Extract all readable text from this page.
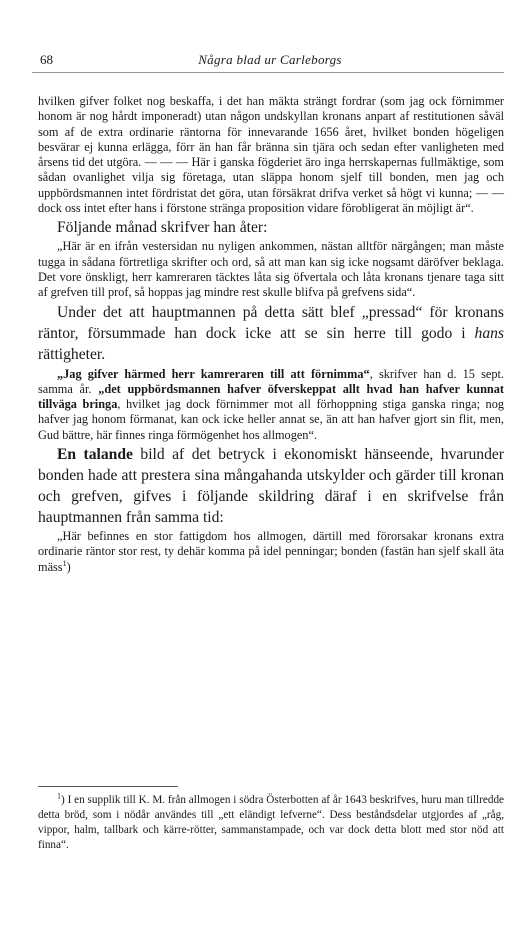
68	Några blad ur Carleborgs

hvilken gifver folket nog beskaffa, i det han mäkta strängt fordrar (som jag ock förnimmer honom är nog hårdt imponeradt) utan någon undskyllan kronans anpart af restitutionen såväl som af de extra ordinarie räntorna för innevarande 1656 året, hvilket bonden högeligen besvärar ej kunna erlägga, förr än han får bränna sin tjära och sedan efter vanligheten med årsens tid det utgöra. — — — Här i ganska fögderiet äro inga herrskapernas fullmäktige, som sådan ovanlighet vilja sig företaga, utan släppa honom sjelf till bonden, men jag och uppbördsmannen intet fördristat det göra, utan försäkrat drifva verket så högt vi kunna; — — dock oss intet efter hans i förstone stränga proposition vidare förobligerat än möjligt är“.

Följande månad skrifver han åter:

„Här är en ifrån vestersidan nu nyligen ankommen, nästan alltför närgången; man måste tugga in sådana förtretliga skrifter och ord, så att man kan sig icke nogsamt däröfver beklaga. Det vore önskligt, herr kamreraren täcktes låta sig öfvertala och låta kronans tjenare taga sitt af grefven till prof, så hoppas jag mindre rest skulle blifva på grefvens sida“.

Under det att hauptmannen på detta sätt blef „pressad“ för kronans räntor, försummade han dock icke att se sin herre till godo i hans rättigheter.

„Jag gifver härmed herr kamreraren till att förnimma“, skrifver han d. 15 sept. samma år. „det uppbördsmannen hafver öfverskeppat allt hvad han hafver kunnat tillväga bringa, hvilket jag dock förnimmer mot all förhoppning stiga ganska ringa; nog hafver jag honom förmanat, kan ock icke heller annat se, än att han hafver gjort sin flit, men, Gud bättre, här finnes ringa förmögenhet hos allmogen“.

En talande bild af det betryck i ekonomiskt hänseende, hvarunder bonden hade att prestera sina mångahanda utskylder och gärder till kronan och grefven, gifves i följande skildring däraf i en skrifvelse från hauptmannen från samma tid:

„Här befinnes en stor fattigdom hos allmogen, därtill med förorsakar kronans extra ordinarie räntor stor rest, ty dehär komma på idel penningar; bonden (fastän han sjelf skall äta mäss$^1$)

$^1$) I en supplik till K. M. från allmogen i södra Österbotten af år 1643 beskrifves, huru man tillredde detta bröd, som i nödår användes till „ett eländigt lefverne“. Dess beståndsdelar utgjordes af „råg, vippor, halm, tallbark och kärre-rötter, sammanstampade, och var dock detta blott med stor nöd att finna“.
